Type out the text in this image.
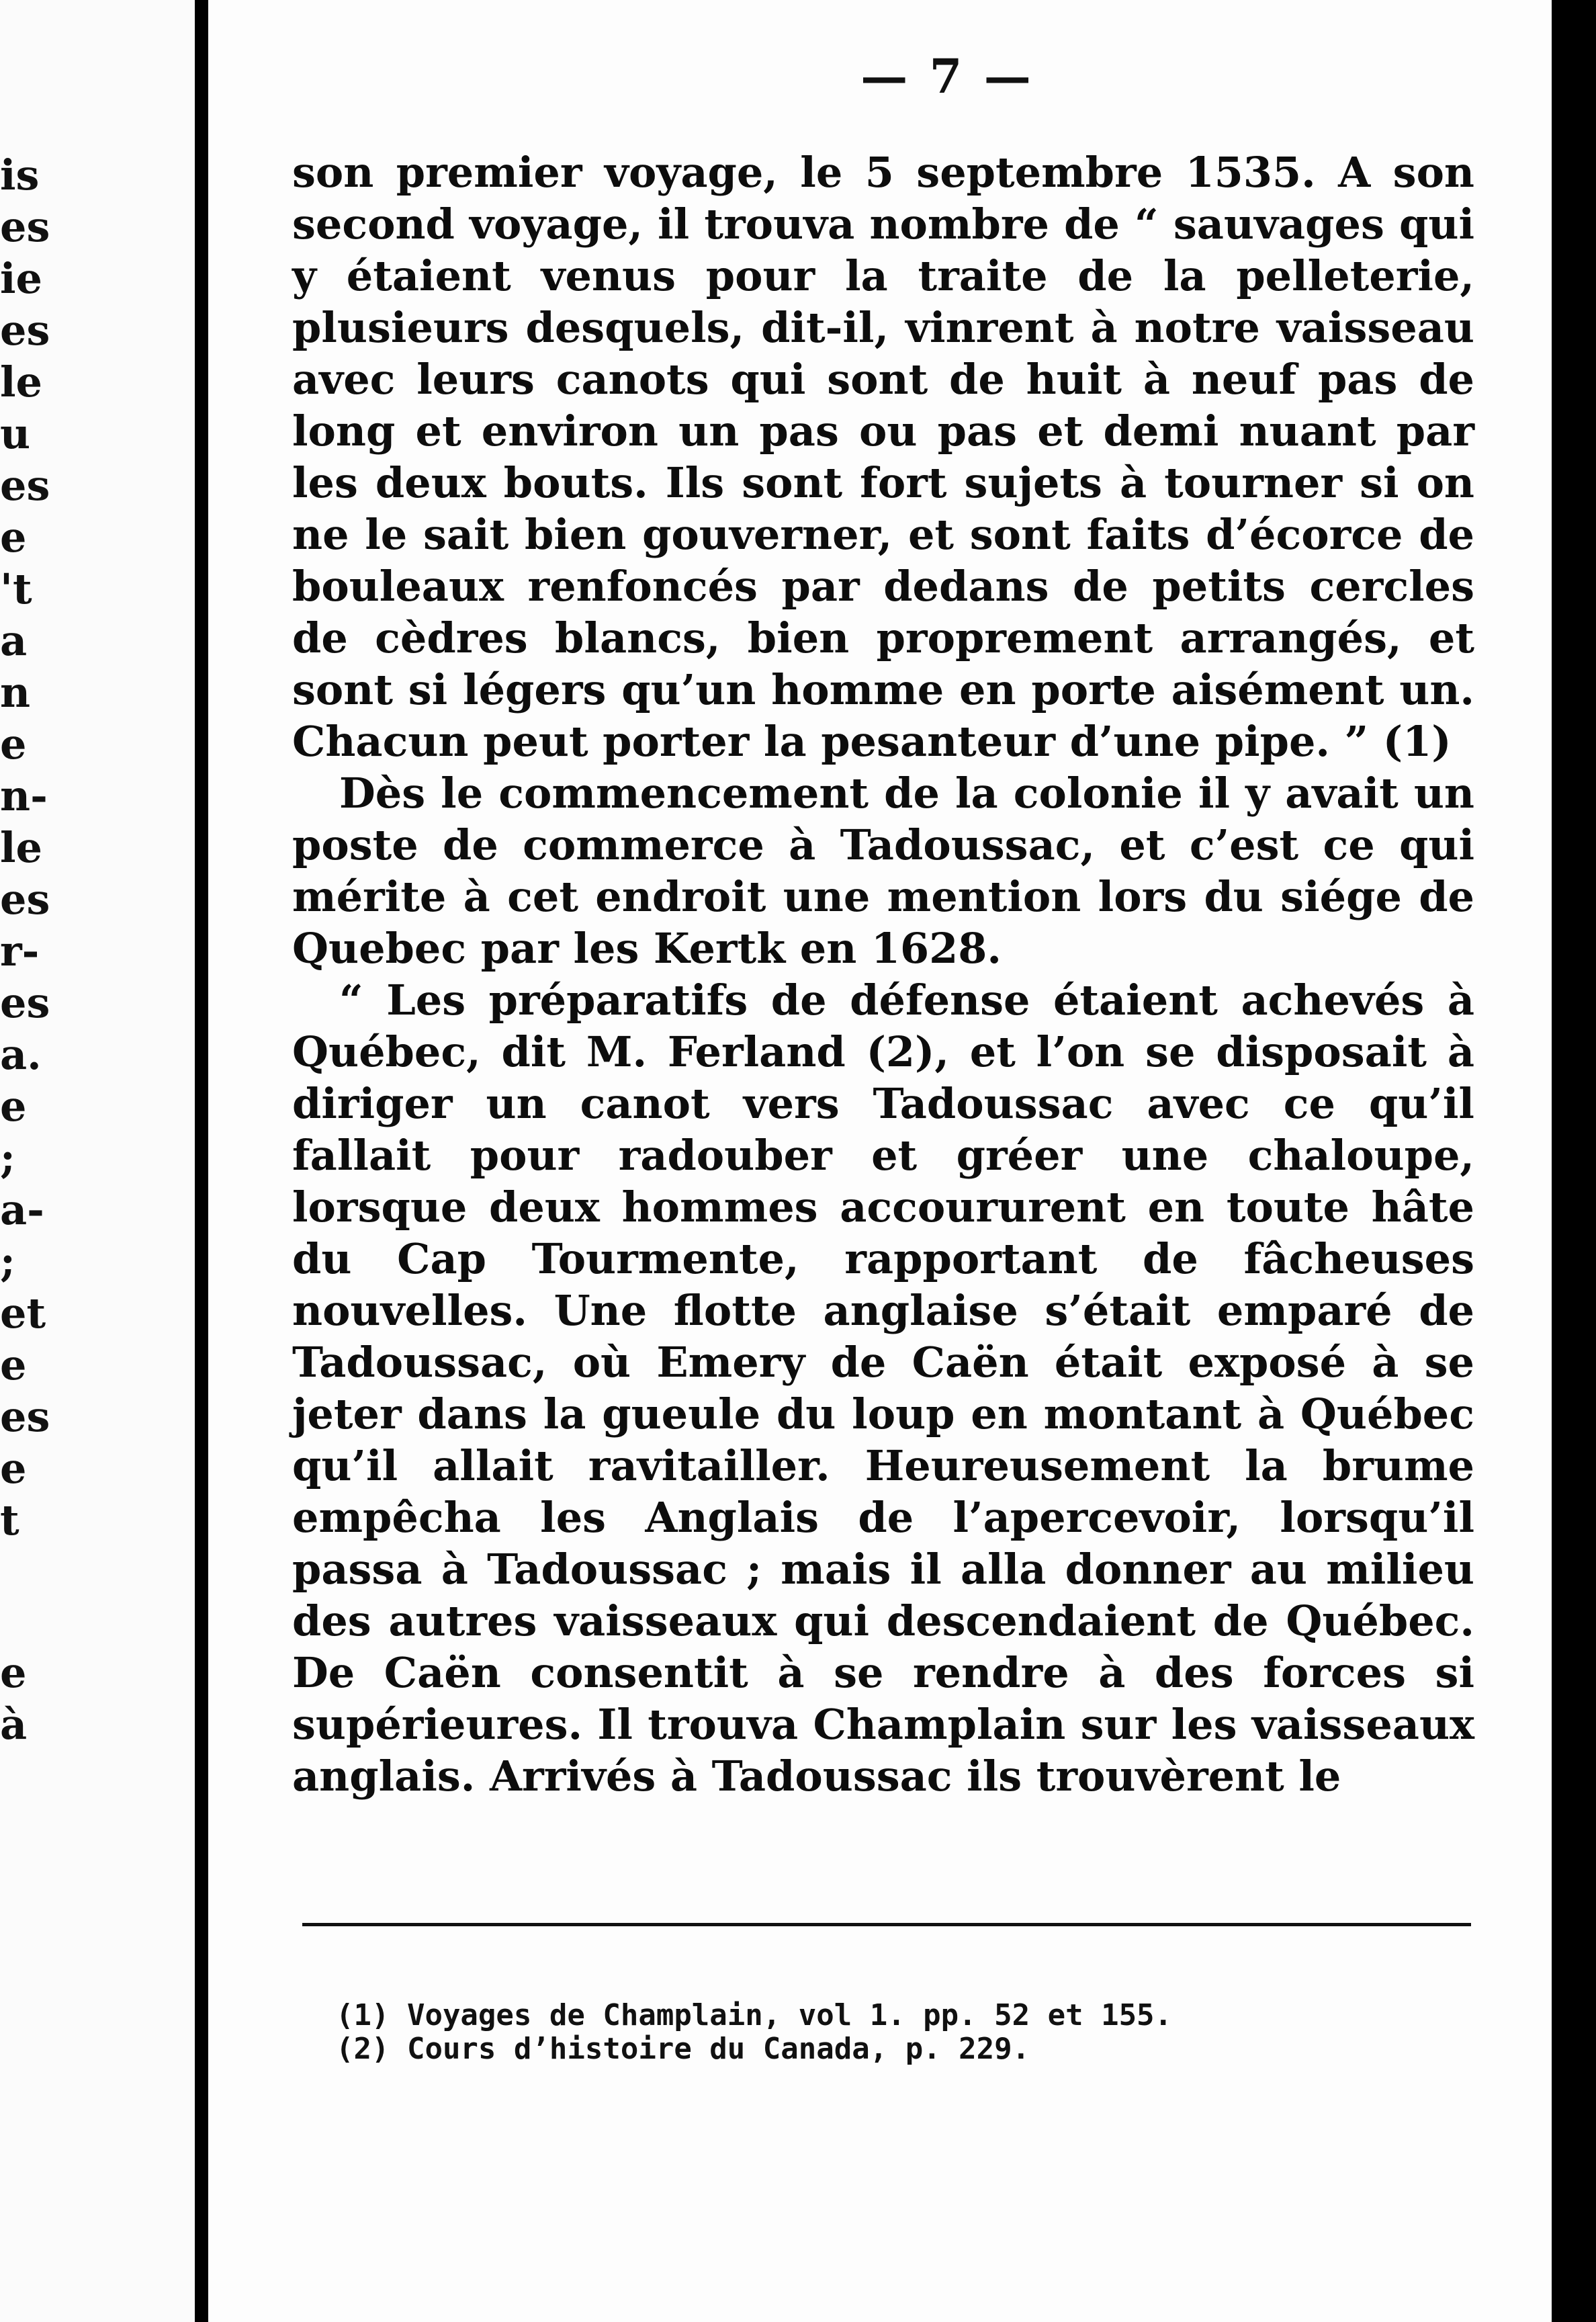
is
es
ie
es
le
u
es
e
't
a
n
e
n-
le
es
r-
es
a.
e
;
a-
;
et
e
es
e
t
e
à
— 7 —

son premier voyage, le 5 septembre 1535. A son second voyage, il trouva nombre de “ sauvages qui y étaient venus pour la traite de la pelleterie, plusieurs desquels, dit-il, vinrent à notre vaisseau avec leurs canots qui sont de huit à neuf pas de long et environ un pas ou pas et demi nuant par les deux bouts. Ils sont fort sujets à tourner si on ne le sait bien gouverner, et sont faits d’écorce de bouleaux renfoncés par dedans de petits cercles de cèdres blancs, bien proprement arrangés, et sont si légers qu’un homme en porte aisément un. Chacun peut porter la pesanteur d’une pipe. ” (1)

Dès le commencement de la colonie il y avait un poste de commerce à Tadoussac, et c’est ce qui mérite à cet endroit une mention lors du siége de Quebec par les Kertk en 1628.

“ Les préparatifs de défense étaient achevés à Québec, dit M. Ferland (2), et l’on se disposait à diriger un canot vers Tadoussac avec ce qu’il fallait pour radouber et gréer une chaloupe, lorsque deux hommes accoururent en toute hâte du Cap Tourmente, rapportant de fâcheuses nouvelles. Une flotte anglaise s’était emparé de Tadoussac, où Emery de Caën était exposé à se jeter dans la gueule du loup en montant à Québec qu’il allait ravitailler. Heureusement la brume empêcha les Anglais de l’apercevoir, lorsqu’il passa à Tadoussac ; mais il alla donner au milieu des autres vaisseaux qui descendaient de Québec. De Caën consentit à se rendre à des forces si supérieures. Il trouva Champlain sur les vaisseaux anglais. Arrivés à Tadoussac ils trouvèrent le

(1) Voyages de Champlain, vol 1. pp. 52 et 155.
(2) Cours d’histoire du Canada, p. 229.
